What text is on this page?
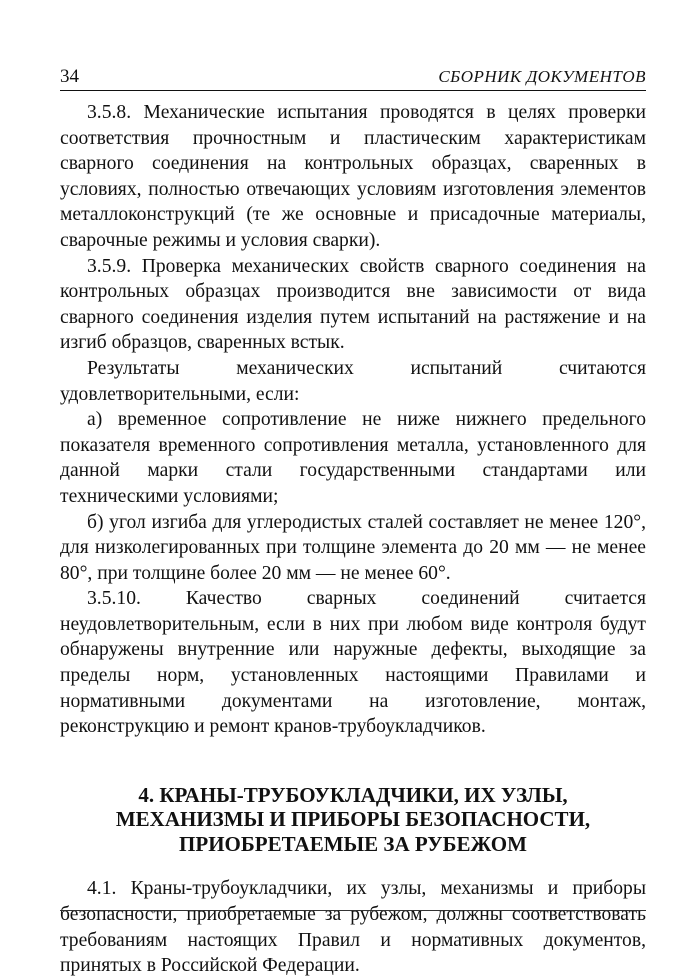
34	СБОРНИК ДОКУМЕНТОВ

3.5.8. Механические испытания проводятся в целях проверки соответствия прочностным и пластическим характеристикам сварного соединения на контрольных образцах, сваренных в условиях, полностью отвечающих условиям изготовления элементов металлоконструкций (те же основные и присадочные материалы, сварочные режимы и условия сварки).

3.5.9. Проверка механических свойств сварного соединения на контрольных образцах производится вне зависимости от вида сварного соединения изделия путем испытаний на растяжение и на изгиб образцов, сваренных встык.

Результаты механических испытаний считаются удовлетворительными, если:

а) временное сопротивление не ниже нижнего предельного показателя временного сопротивления металла, установленного для данной марки стали государственными стандартами или техническими условиями;

б) угол изгиба для углеродистых сталей составляет не менее 120°, для низколегированных при толщине элемента до 20 мм — не менее 80°, при толщине более 20 мм — не менее 60°.

3.5.10. Качество сварных соединений считается неудовлетворительным, если в них при любом виде контроля будут обнаружены внутренние или наружные дефекты, выходящие за пределы норм, установленных настоящими Правилами и нормативными документами на изготовление, монтаж, реконструкцию и ремонт кранов-трубоукладчиков.

4. КРАНЫ-ТРУБОУКЛАДЧИКИ, ИХ УЗЛЫ,
МЕХАНИЗМЫ И ПРИБОРЫ БЕЗОПАСНОСТИ,
ПРИОБРЕТАЕМЫЕ ЗА РУБЕЖОМ

4.1. Краны-трубоукладчики, их узлы, механизмы и приборы безопасности, приобретаемые за рубежом, должны соответствовать требованиям настоящих Правил и нормативных документов, принятых в Российской Федерации.
